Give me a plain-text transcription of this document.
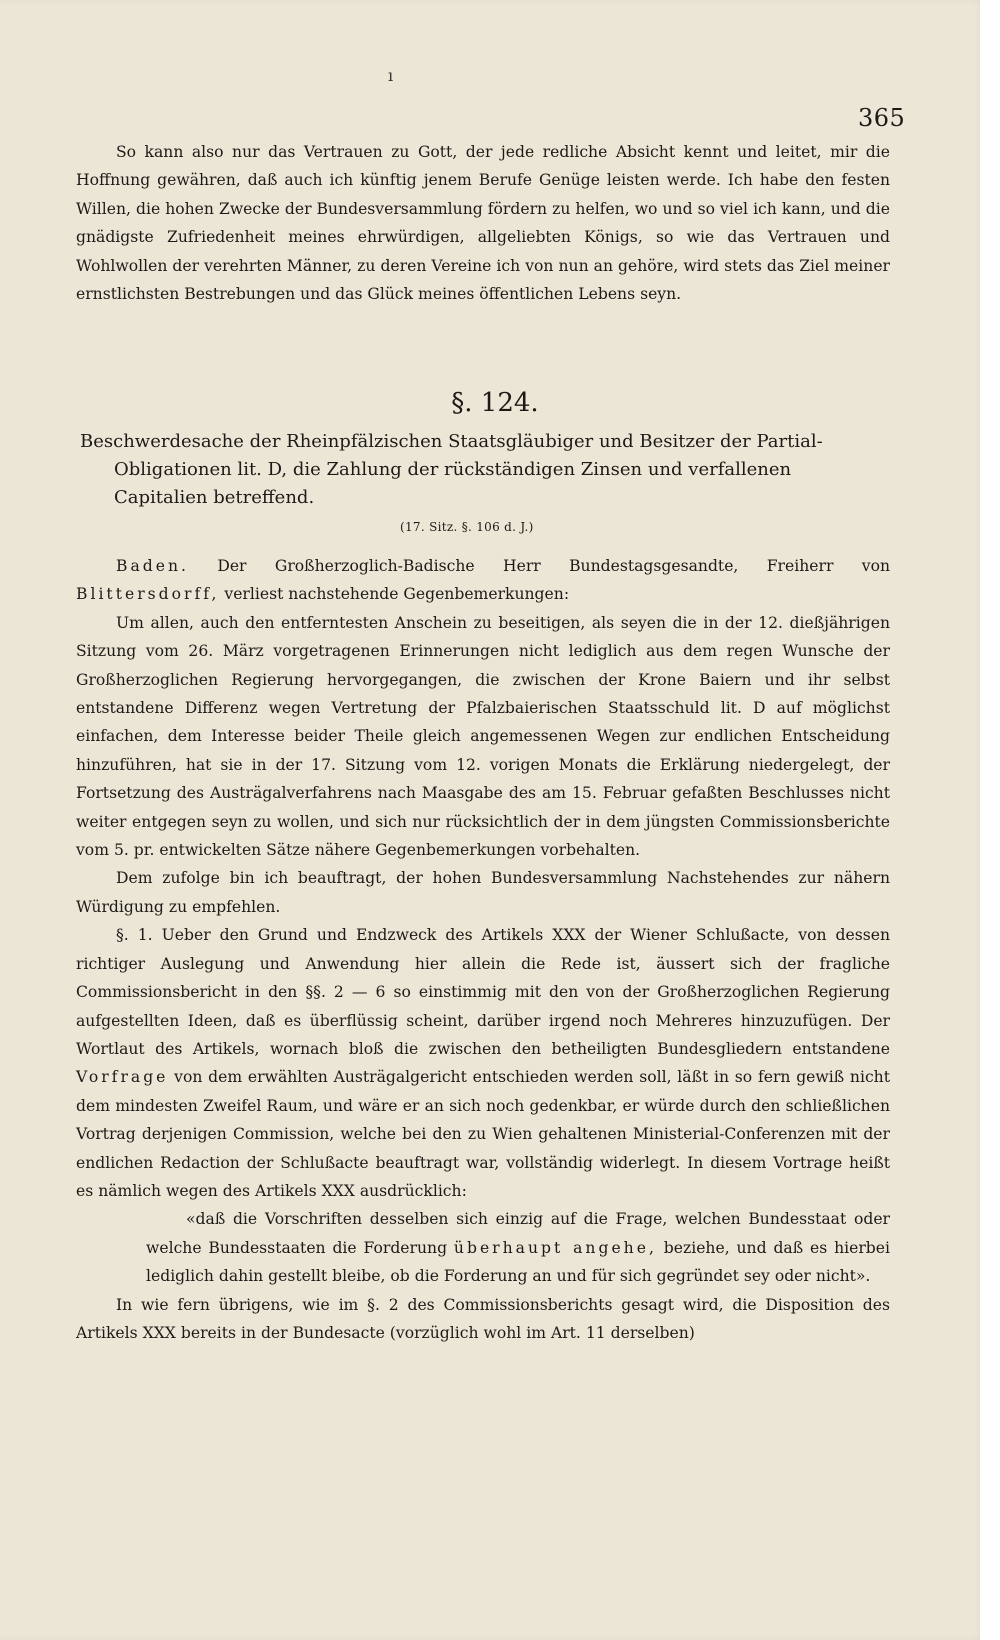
ı
365

So kann also nur das Vertrauen zu Gott, der jede redliche Absicht kennt und leitet, mir die Hoffnung gewähren, daß auch ich künftig jenem Berufe Genüge leisten werde. Ich habe den festen Willen, die hohen Zwecke der Bundesversammlung fördern zu helfen, wo und so viel ich kann, und die gnädigste Zufriedenheit meines ehrwürdigen, allgeliebten Königs, so wie das Vertrauen und Wohlwollen der verehrten Männer, zu deren Vereine ich von nun an gehöre, wird stets das Ziel meiner ernstlichsten Bestrebungen und das Glück meines öffentlichen Lebens seyn.

§. 124.
Beschwerdesache der Rheinpfälzischen Staatsgläubiger und Besitzer der Partial-
Obligationen lit. D, die Zahlung der rückständigen Zinsen und verfallenen
Capitalien betreffend.
(17. Sitz. §. 106 d. J.)

Baden. Der Großherzoglich-Badische Herr Bundestagsgesandte, Freiherr von Blittersdorff, verliest nachstehende Gegenbemerkungen:

Um allen, auch den entferntesten Anschein zu beseitigen, als seyen die in der 12. dießjährigen Sitzung vom 26. März vorgetragenen Erinnerungen nicht lediglich aus dem regen Wunsche der Großherzoglichen Regierung hervorgegangen, die zwischen der Krone Baiern und ihr selbst entstandene Differenz wegen Vertretung der Pfalzbaierischen Staatsschuld lit. D auf möglichst einfachen, dem Interesse beider Theile gleich angemessenen Wegen zur endlichen Entscheidung hinzuführen, hat sie in der 17. Sitzung vom 12. vorigen Monats die Erklärung niedergelegt, der Fortsetzung des Austrägalverfahrens nach Maasgabe des am 15. Februar gefaßten Beschlusses nicht weiter entgegen seyn zu wollen, und sich nur rücksichtlich der in dem jüngsten Commissionsberichte vom 5. pr. entwickelten Sätze nähere Gegenbemerkungen vorbehalten.

Dem zufolge bin ich beauftragt, der hohen Bundesversammlung Nachstehendes zur nähern Würdigung zu empfehlen.

§. 1. Ueber den Grund und Endzweck des Artikels XXX der Wiener Schlußacte, von dessen richtiger Auslegung und Anwendung hier allein die Rede ist, äussert sich der fragliche Commissionsbericht in den §§. 2 — 6 so einstimmig mit den von der Großherzoglichen Regierung aufgestellten Ideen, daß es überflüssig scheint, darüber irgend noch Mehreres hinzuzufügen. Der Wortlaut des Artikels, wornach bloß die zwischen den betheiligten Bundesgliedern entstandene Vorfrage von dem erwählten Austrägalgericht entschieden werden soll, läßt in so fern gewiß nicht dem mindesten Zweifel Raum, und wäre er an sich noch gedenkbar, er würde durch den schließlichen Vortrag derjenigen Commission, welche bei den zu Wien gehaltenen Ministerial-Conferenzen mit der endlichen Redaction der Schlußacte beauftragt war, vollständig widerlegt. In diesem Vortrage heißt es nämlich wegen des Artikels XXX ausdrücklich:

«daß die Vorschriften desselben sich einzig auf die Frage, welchen Bundesstaat oder welche Bundesstaaten die Forderung überhaupt angehe, beziehe, und daß es hierbei lediglich dahin gestellt bleibe, ob die Forderung an und für sich gegründet sey oder nicht».

In wie fern übrigens, wie im §. 2 des Commissionsberichts gesagt wird, die Disposition des Artikels XXX bereits in der Bundesacte (vorzüglich wohl im Art. 11 derselben)
